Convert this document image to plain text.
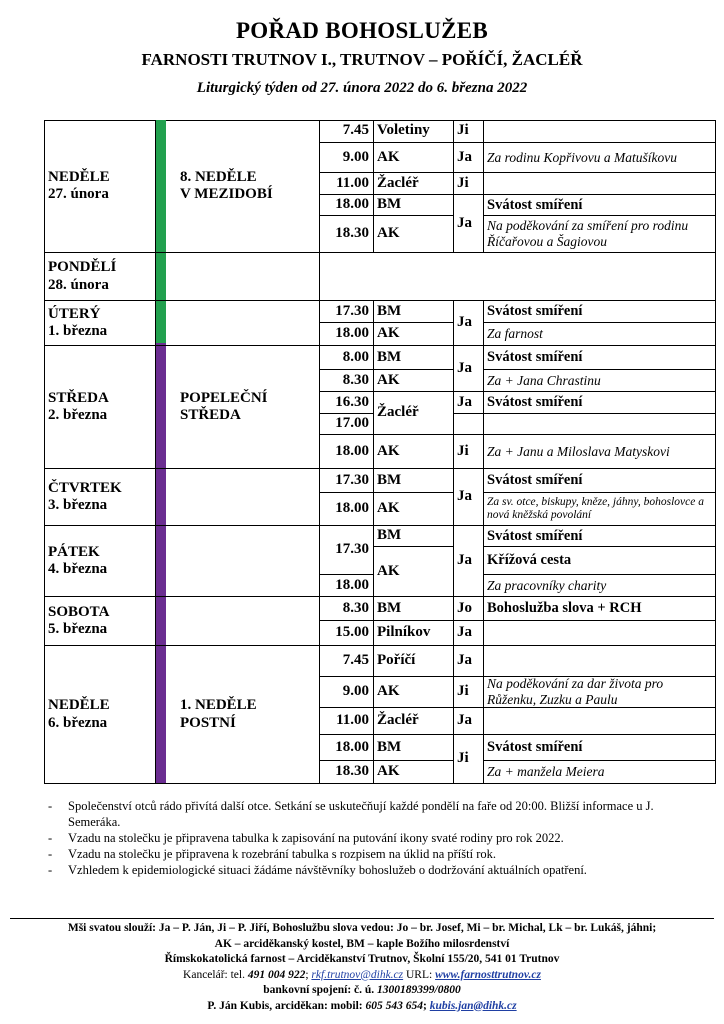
POŘAD BOHOSLUŽEB
FARNOSTI TRUTNOV I., TRUTNOV – POŘÍČÍ, ŽACLÉŘ
Liturgický týden od 27. února 2022 do 6. března 2022
NEDĚLE
27. února
8. NEDĚLE
V MEZIDOBÍ
PONDĚLÍ
28. února
ÚTERÝ
1. března
STŘEDA
2. března
POPELEČNÍ
STŘEDA
ČTVRTEK
3. března
PÁTEK
4. března
SOBOTA
5. března
NEDĚLE
6. března
1. NEDĚLE
POSTNÍ
7.45
9.00
11.00
18.00
18.30
17.30
18.00
8.00
8.30
16.30
17.00
18.00
17.30
18.00
17.30
18.00
8.30
15.00
7.45
9.00
11.00
18.00
18.30
Voletiny
AK
Žacléř
BM
AK
BM
AK
BM
AK
Žacléř
AK
BM
AK
BM
AK
BM
Pilníkov
Poříčí
AK
Žacléř
BM
AK
Ji
Ja
Ji
Ja
Ja
Ja
Ja
Ji
Ja
Ja
Jo
Ja
Ja
Ji
Ja
Ji
Za rodinu Kopřivovu a Matušíkovu
Svátost smíření
Na poděkování za smíření pro rodinu Říčařovou a Šagiovou
Svátost smíření
Za farnost
Svátost smíření
Za + Jana Chrastinu
Svátost smíření
Za + Janu a Miloslava Matyskovi
Svátost smíření
Za sv. otce, biskupy, kněze, jáhny, bohoslovce a nová kněžská povolání
Svátost smíření
Křížová cesta
Za pracovníky charity
Bohoslužba slova + RCH
Na poděkování za dar života pro Růženku, Zuzku a Paulu
Svátost smíření
Za + manžela Meiera
- Společenství otců rádo přivítá další otce. Setkání se uskutečňují každé pondělí na faře od 20:00. Bližší informace u J. Semeráka.
- Vzadu na stolečku je připravena tabulka k zapisování na putování ikony svaté rodiny pro rok 2022.
- Vzadu na stolečku je připravena k rozebrání tabulka s rozpisem na úklid na příští rok.
- Vzhledem k epidemiologické situaci žádáme návštěvníky bohoslužeb o dodržování aktuálních opatření.
Mši svatou slouží: Ja – P. Ján, Ji – P. Jiří, Bohoslužbu slova vedou: Jo – br. Josef, Mi – br. Michal, Lk – br. Lukáš, jáhni;
AK – arciděkanský kostel, BM – kaple Božího milosrdenství
Římskokatolická farnost – Arciděkanství Trutnov, Školní 155/20, 541 01 Trutnov
Kancelář: tel. 491 004 922; rkf.trutnov@dihk.cz URL: www.farnosttrutnov.cz
bankovní spojení: č. ú. 1300189399/0800
P. Ján Kubis, arciděkan: mobil: 605 543 654; kubis.jan@dihk.cz
